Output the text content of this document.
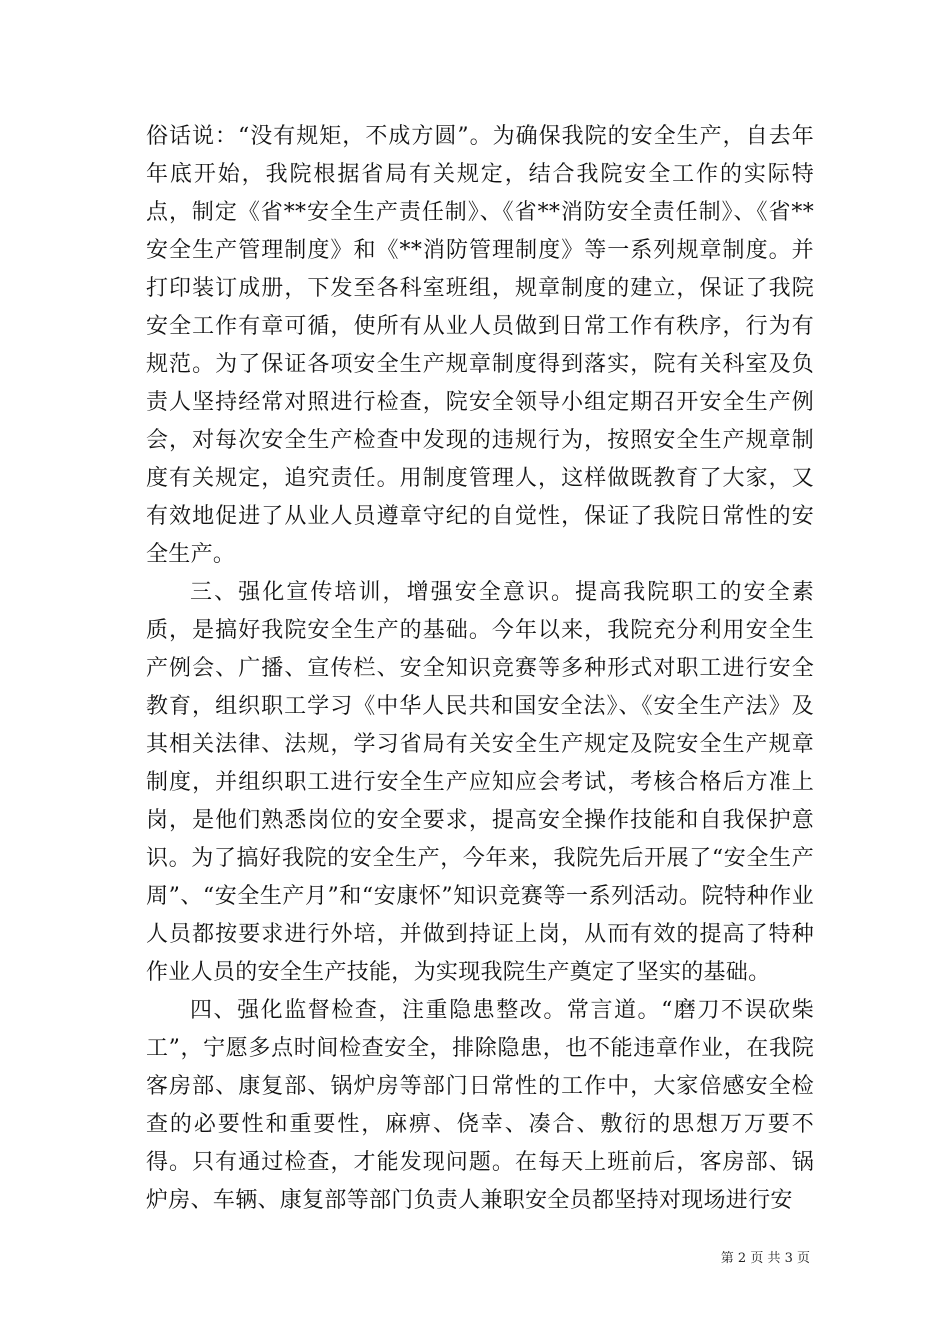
俗话说：“没有规矩，不成方圆”。为确保我院的安全生产，自去年年底开始，我院根据省局有关规定，结合我院安全工作的实际特点，制定《省**安全生产责任制》、《省**消防安全责任制》、《省**安全生产管理制度》和《**消防管理制度》等一系列规章制度。并打印装订成册，下发至各科室班组，规章制度的建立，保证了我院安全工作有章可循，使所有从业人员做到日常工作有秩序，行为有规范。为了保证各项安全生产规章制度得到落实，院有关科室及负责人坚持经常对照进行检查，院安全领导小组定期召开安全生产例会，对每次安全生产检查中发现的违规行为，按照安全生产规章制度有关规定，追究责任。用制度管理人，这样做既教育了大家，又有效地促进了从业人员遵章守纪的自觉性，保证了我院日常性的安全生产。

三、强化宣传培训，增强安全意识。提高我院职工的安全素质，是搞好我院安全生产的基础。今年以来，我院充分利用安全生产例会、广播、宣传栏、安全知识竞赛等多种形式对职工进行安全教育，组织职工学习《中华人民共和国安全法》、《安全生产法》及其相关法律、法规，学习省局有关安全生产规定及院安全生产规章制度，并组织职工进行安全生产应知应会考试，考核合格后方准上岗，是他们熟悉岗位的安全要求，提高安全操作技能和自我保护意识。为了搞好我院的安全生产，今年来，我院先后开展了“安全生产周”、“安全生产月”和“安康怀”知识竞赛等一系列活动。院特种作业人员都按要求进行外培，并做到持证上岗，从而有效的提高了特种作业人员的安全生产技能，为实现我院生产奠定了坚实的基础。

四、强化监督检查，注重隐患整改。常言道。“磨刀不误砍柴工”，宁愿多点时间检查安全，排除隐患，也不能违章作业，在我院客房部、康复部、锅炉房等部门日常性的工作中，大家倍感安全检查的必要性和重要性，麻痹、侥幸、凑合、敷衍的思想万万要不得。只有通过检查，才能发现问题。在每天上班前后，客房部、锅炉房、车辆、康复部等部门负责人兼职安全员都坚持对现场进行安

第 2 页 共 3 页
